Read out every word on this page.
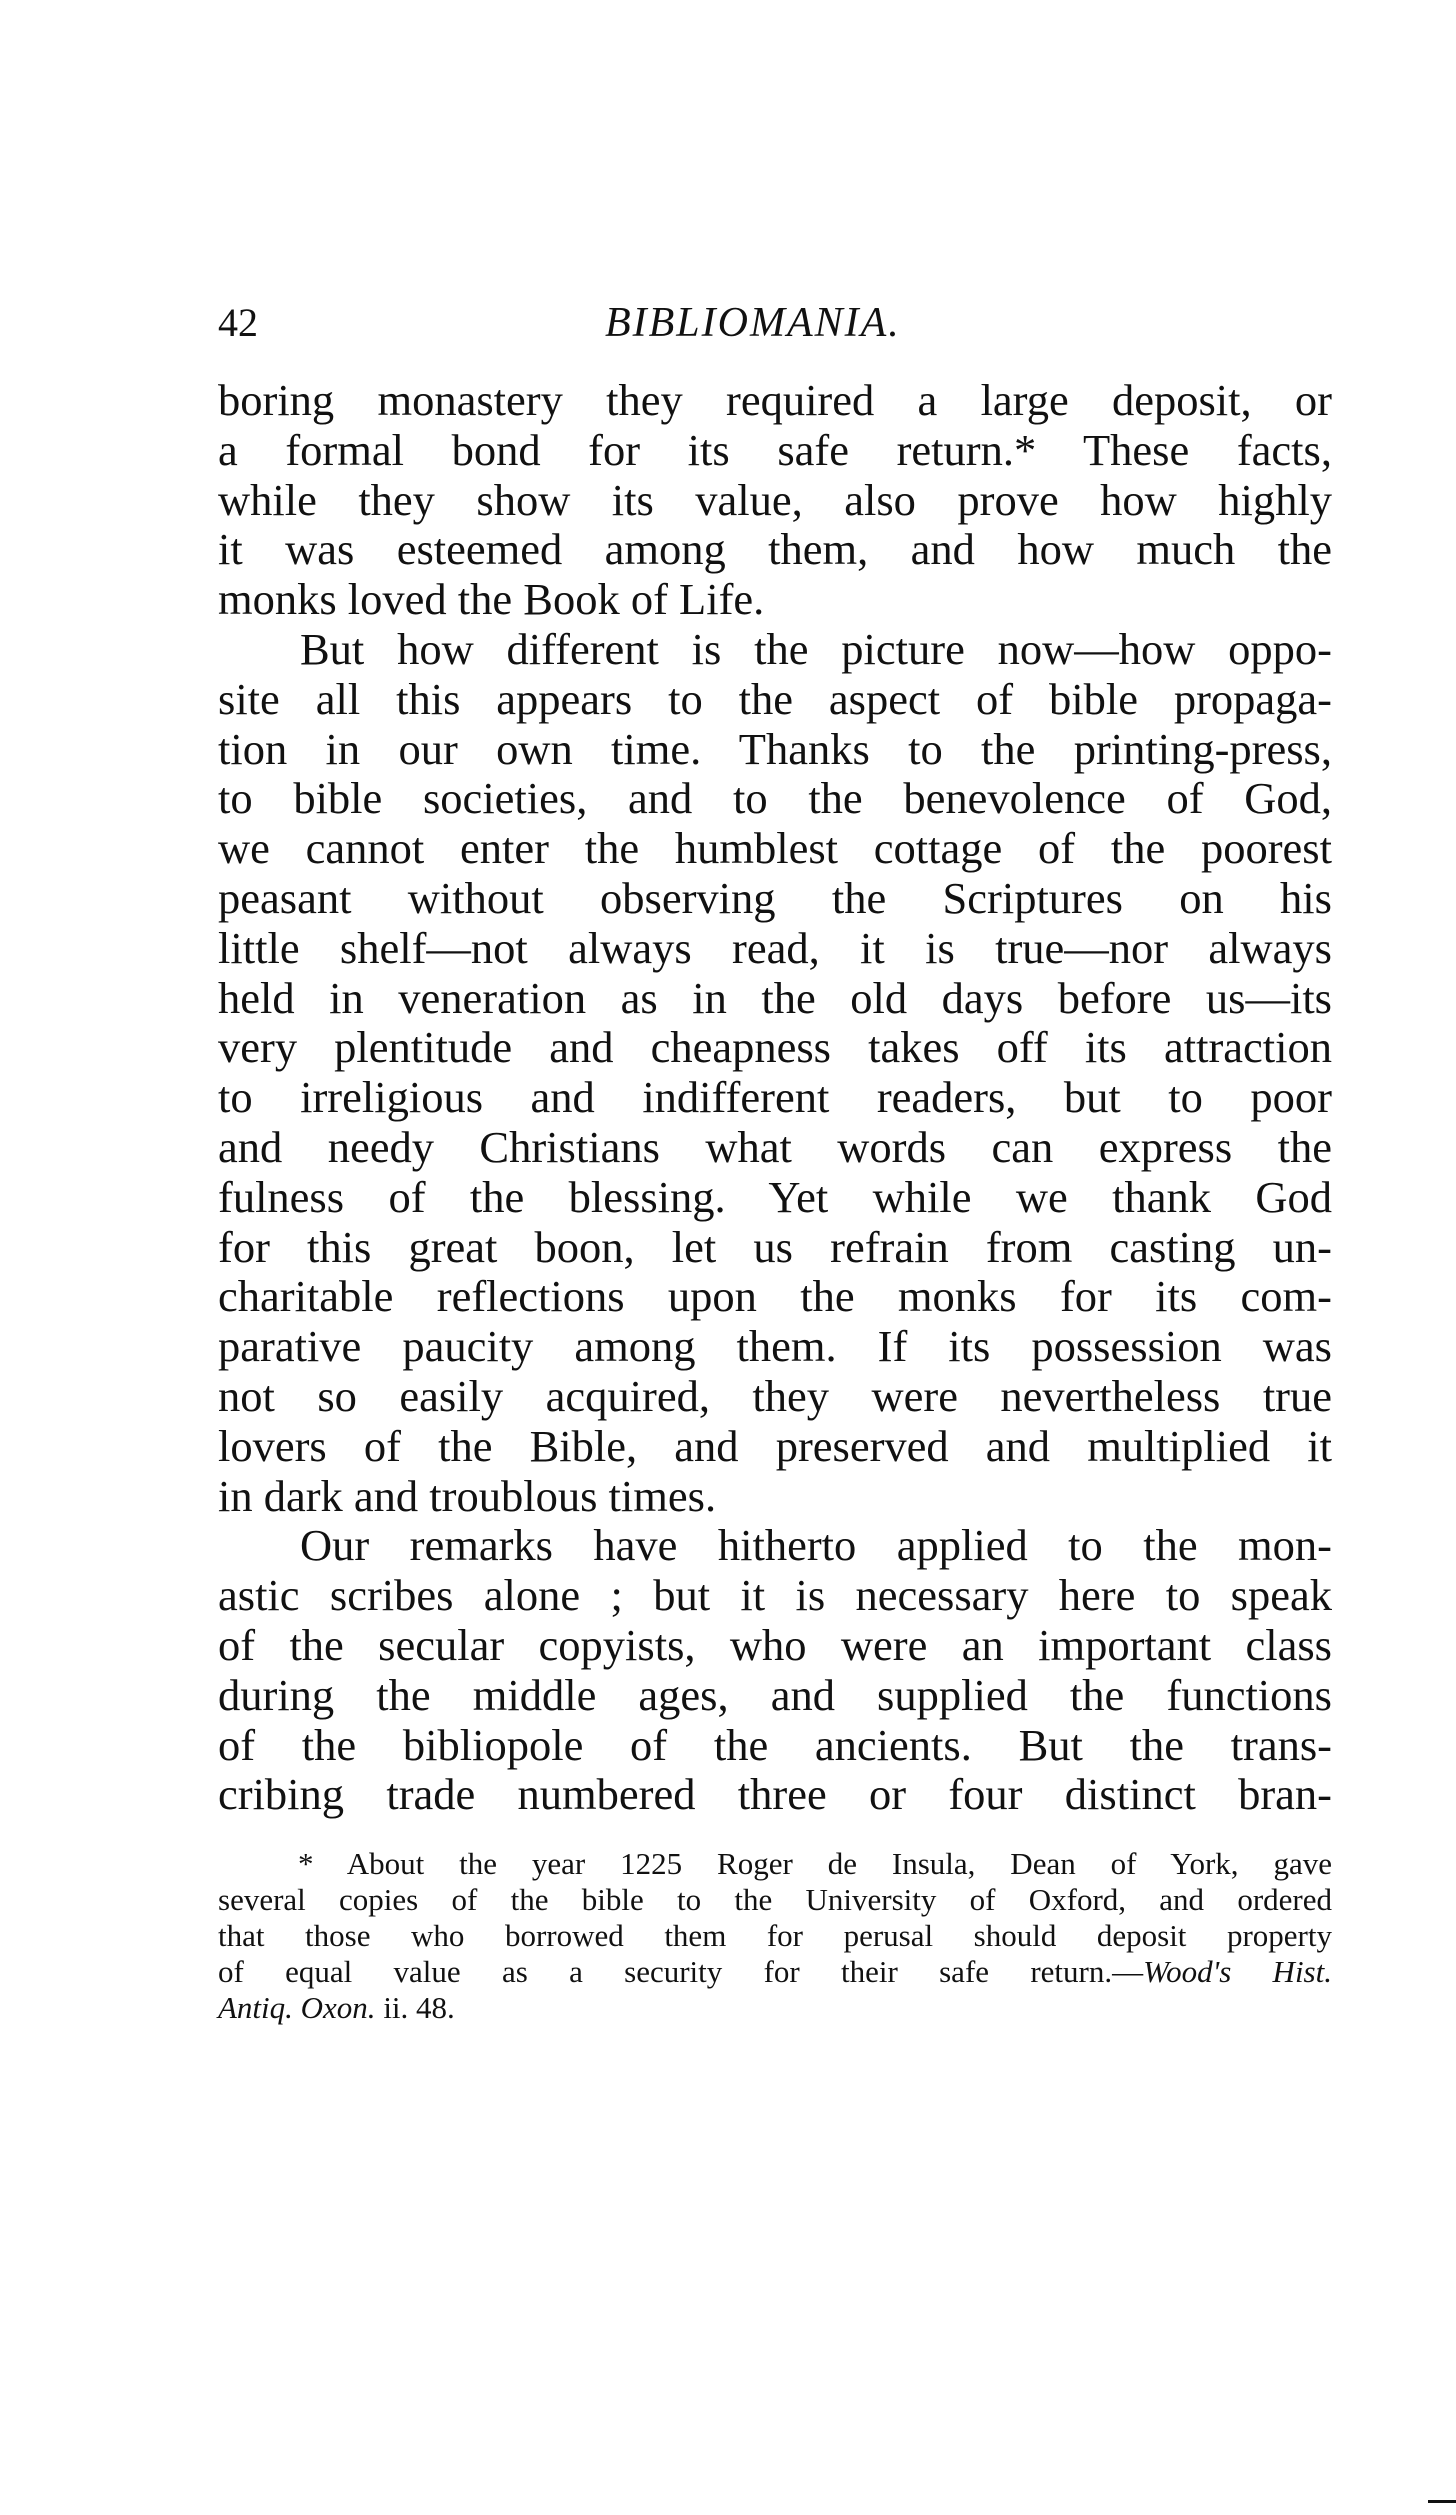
42	BIBLIOMANIA.
boring monastery they required a large deposit, or
a formal bond for its safe return.* These facts,
while they show its value, also prove how highly
it was esteemed among them, and how much the
monks loved the Book of Life.
But how different is the picture now—how oppo-
site all this appears to the aspect of bible propaga-
tion in our own time. Thanks to the printing-press,
to bible societies, and to the benevolence of God,
we cannot enter the humblest cottage of the poorest
peasant without observing the Scriptures on his
little shelf—not always read, it is true—nor always
held in veneration as in the old days before us—its
very plentitude and cheapness takes off its attraction
to irreligious and indifferent readers, but to poor
and needy Christians what words can express the
fulness of the blessing. Yet while we thank God
for this great boon, let us refrain from casting un-
charitable reflections upon the monks for its com-
parative paucity among them. If its possession was
not so easily acquired, they were nevertheless true
lovers of the Bible, and preserved and multiplied it
in dark and troublous times.
Our remarks have hitherto applied to the mon-
astic scribes alone ; but it is necessary here to speak
of the secular copyists, who were an important class
during the middle ages, and supplied the functions
of the bibliopole of the ancients. But the trans-
cribing trade numbered three or four distinct bran-
* About the year 1225 Roger de Insula, Dean of York, gave
several copies of the bible to the University of Oxford, and ordered
that those who borrowed them for perusal should deposit property
of equal value as a security for their safe return.—Wood's Hist.
Antiq. Oxon. ii. 48.
